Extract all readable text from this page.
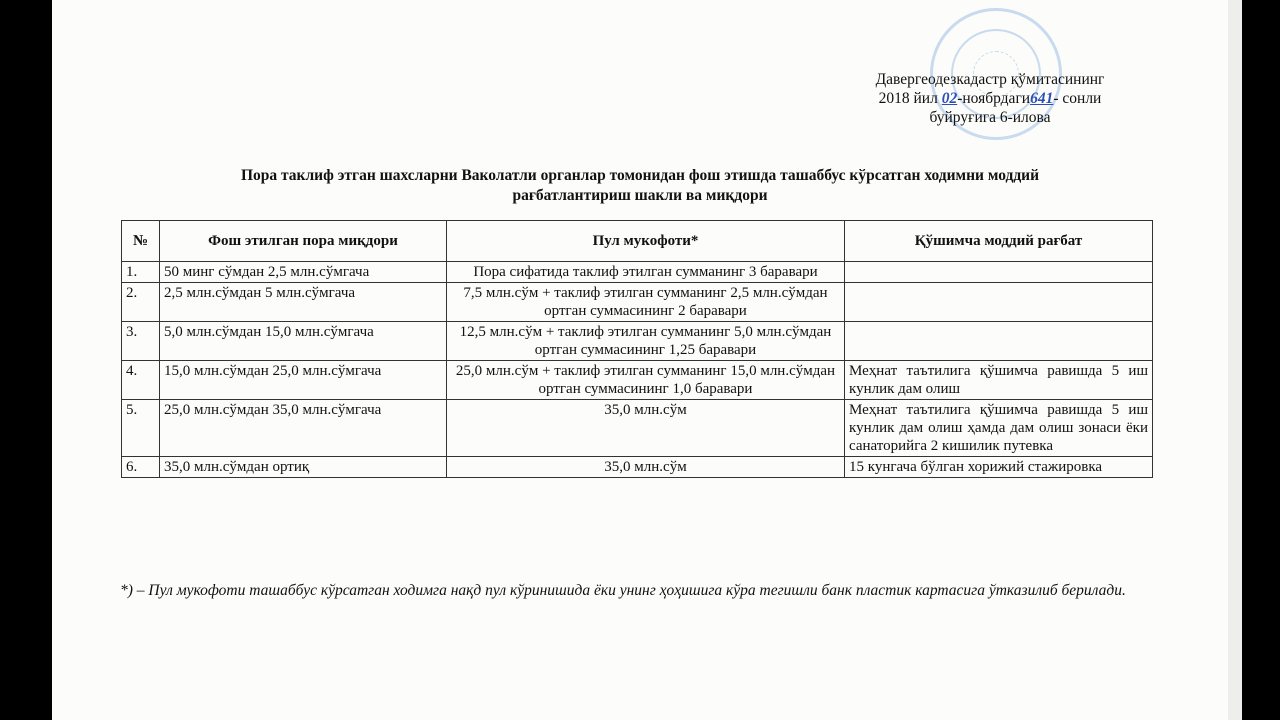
Давергеодезкадастр қўмитасининг
2018 йил 02-ноябрдаги641- сонли
буйруғига 6-илова
Пора таклиф этган шахсларни Ваколатли органлар томонидан фош этишда ташаббус кўрсатган ходимни моддий
рағбатлантириш шакли ва миқдори
№	Фош этилган пора миқдори	Пул мукофоти*	Қўшимча моддий рағбат
1.	50 минг сўмдан 2,5 млн.сўмгача	Пора сифатида таклиф этилган сумманинг 3 баравари	
2.	2,5 млн.сўмдан 5 млн.сўмгача	7,5 млн.сўм + таклиф этилган сумманинг 2,5 млн.сўмдан ортган суммасининг 2 баравари	
3.	5,0 млн.сўмдан 15,0 млн.сўмгача	12,5 млн.сўм + таклиф этилган сумманинг 5,0 млн.сўмдан ортган суммасининг 1,25 баравари	
4.	15,0 млн.сўмдан 25,0 млн.сўмгача	25,0 млн.сўм + таклиф этилган сумманинг 15,0 млн.сўмдан ортган суммасининг 1,0 баравари	Меҳнат таътилига қўшимча равишда 5 иш кунлик дам олиш
5.	25,0 млн.сўмдан 35,0 млн.сўмгача	35,0 млн.сўм	Меҳнат таътилига қўшимча равишда 5 иш кунлик дам олиш ҳамда дам олиш зонаси ёки санаторийга 2 кишилик путевка
6.	35,0 млн.сўмдан ортиқ	35,0 млн.сўм	15 кунгача бўлган хорижий стажировка
*) – Пул мукофоти ташаббус кўрсатган ходимга нақд пул кўринишида ёки унинг ҳоҳишига кўра тегишли банк пластик картасига ўтказилиб берилади.
